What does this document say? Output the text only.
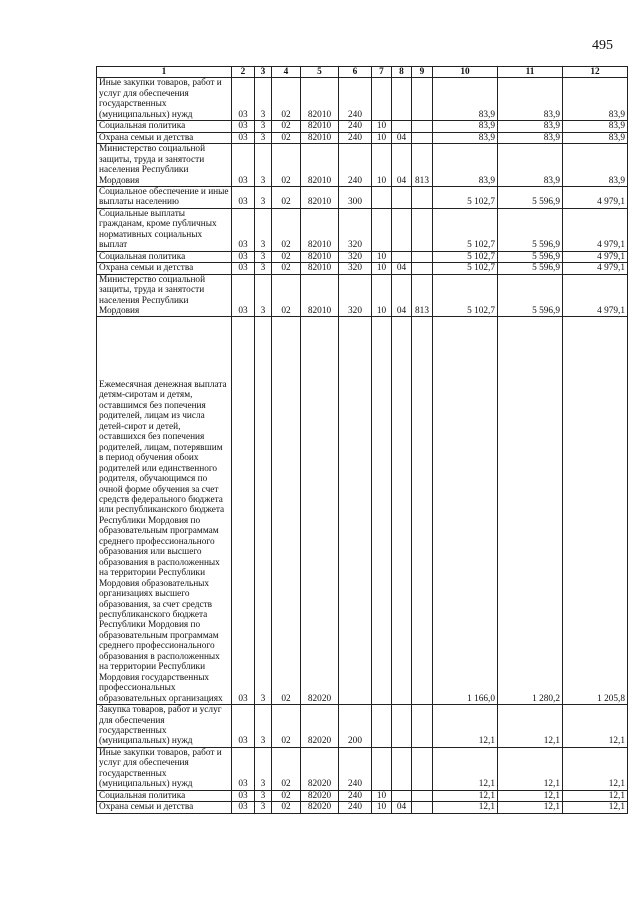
495
1	2	3	4	5	6	7	8	9	10	11	12
Иные закупки товаров, работ и услуг для обеспечения государственных (муниципальных) нужд	03	3	02	82010	240				83,9	83,9	83,9
Социальная политика	03	3	02	82010	240	10			83,9	83,9	83,9
Охрана семьи и детства	03	3	02	82010	240	10	04		83,9	83,9	83,9
Министерство социальной защиты, труда и занятости населения Республики Мордовия	03	3	02	82010	240	10	04	813	83,9	83,9	83,9
Социальное обеспечение и иные выплаты населению	03	3	02	82010	300				5 102,7	5 596,9	4 979,1
Социальные выплаты гражданам, кроме публичных нормативных социальных выплат	03	3	02	82010	320				5 102,7	5 596,9	4 979,1
Социальная политика	03	3	02	82010	320	10			5 102,7	5 596,9	4 979,1
Охрана семьи и детства	03	3	02	82010	320	10	04		5 102,7	5 596,9	4 979,1
Министерство социальной защиты, труда и занятости населения Республики Мордовия	03	3	02	82010	320	10	04	813	5 102,7	5 596,9	4 979,1
Ежемесячная денежная выплата детям-сиротам и детям, оставшимся без попечения родителей, лицам из числа детей-сирот и детей, оставшихся без попечения родителей, лицам, потерявшим в период обучения обоих родителей или единственного родителя, обучающимся по очной форме обучения за счет средств федерального бюджета или республиканского бюджета Республики Мордовия по образовательным программам среднего профессионального образования или высшего образования в расположенных на территории Республики Мордовия образовательных организациях высшего образования, за счет средств республиканского бюджета Республики Мордовия по образовательным программам среднего профессионального образования в расположенных на территории Республики Мордовия государственных профессиональных образовательных организациях	03	3	02	82020					1 166,0	1 280,2	1 205,8
Закупка товаров, работ и услуг для обеспечения государственных (муниципальных) нужд	03	3	02	82020	200				12,1	12,1	12,1
Иные закупки товаров, работ и услуг для обеспечения государственных (муниципальных) нужд	03	3	02	82020	240				12,1	12,1	12,1
Социальная политика	03	3	02	82020	240	10			12,1	12,1	12,1
Охрана семьи и детства	03	3	02	82020	240	10	04		12,1	12,1	12,1
